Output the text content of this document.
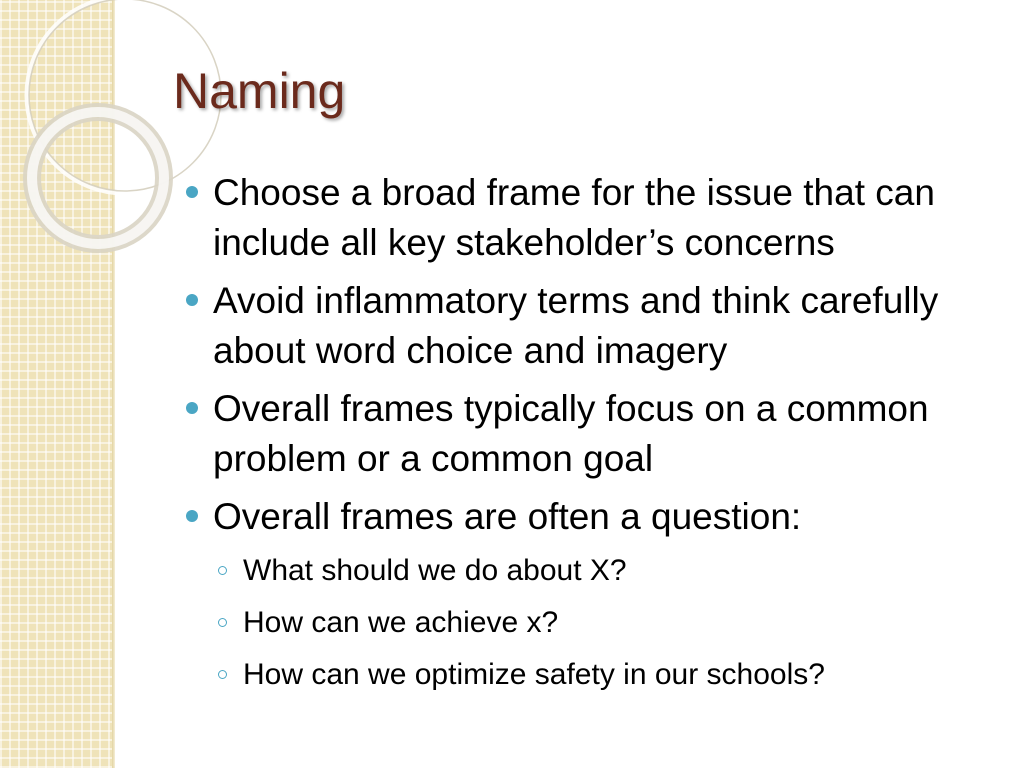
Naming
Choose a broad frame for the issue that can include all key stakeholder’s concerns
Avoid inflammatory terms and think carefully about word choice and imagery
Overall frames typically focus on a common problem or a common goal
Overall frames are often a question:
What should we do about X?
How can we achieve x?
How can we optimize safety in our schools?
